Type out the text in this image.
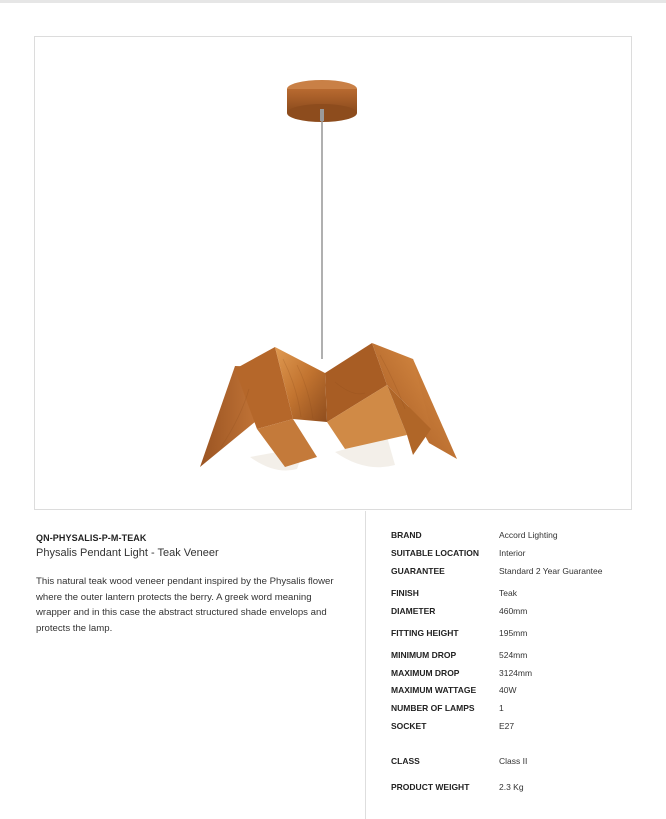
QN-PHYSALIS-P-M-TEAK
Physalis Pendant Light - Teak Veneer
This natural teak wood veneer pendant inspired by the Physalis flower where the outer lantern protects the berry. A greek word meaning wrapper and in this case the abstract structured shade envelops and protects the lamp.
BRAND	Accord Lighting
SUITABLE LOCATION Interior
GUARANTEE	Standard 2 Year Guarantee
FINISH	Teak
DIAMETER	460mm
FITTING HEIGHT	195mm
MINIMUM DROP	524mm
MAXIMUM DROP	3124mm
MAXIMUM WATTAGE	40W
NUMBER OF LAMPS	1
SOCKET	E27
CLASS	Class II
PRODUCT WEIGHT	2.3 Kg
